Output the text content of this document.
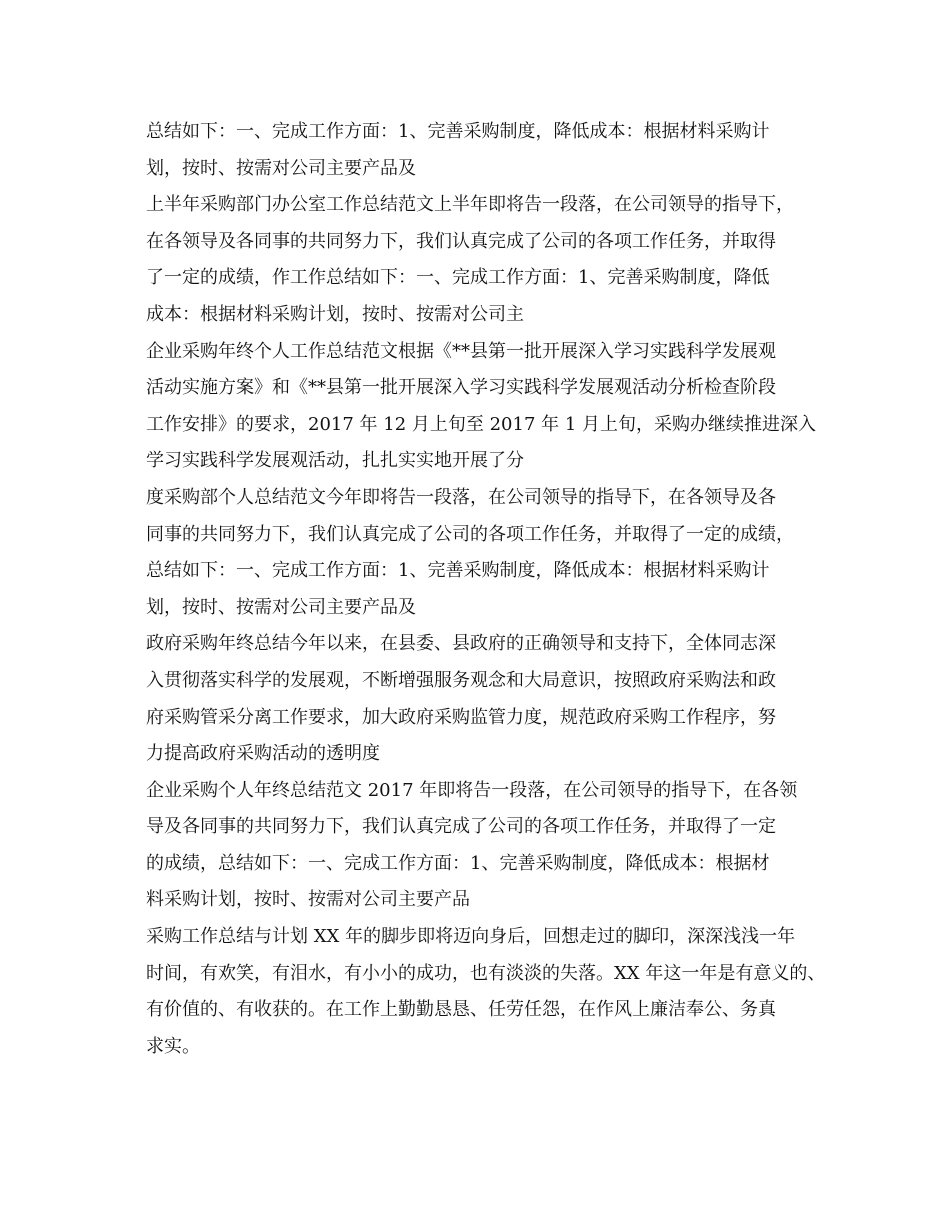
总结如下：一、完成工作方面：1、完善采购制度，降低成本：根据材料采购计
划，按时、按需对公司主要产品及
上半年采购部门办公室工作总结范文上半年即将告一段落，在公司领导的指导下，
在各领导及各同事的共同努力下，我们认真完成了公司的各项工作任务，并取得
了一定的成绩，作工作总结如下：一、完成工作方面：1、完善采购制度，降低
成本：根据材料采购计划，按时、按需对公司主
企业采购年终个人工作总结范文根据《**县第一批开展深入学习实践科学发展观
活动实施方案》和《**县第一批开展深入学习实践科学发展观活动分析检查阶段
工作安排》的要求，2017 年 12 月上旬至 2017 年 1 月上旬，采购办继续推进深入
学习实践科学发展观活动，扎扎实实地开展了分
度采购部个人总结范文今年即将告一段落，在公司领导的指导下，在各领导及各
同事的共同努力下，我们认真完成了公司的各项工作任务，并取得了一定的成绩，
总结如下：一、完成工作方面：1、完善采购制度，降低成本：根据材料采购计
划，按时、按需对公司主要产品及
政府采购年终总结今年以来，在县委、县政府的正确领导和支持下，全体同志深
入贯彻落实科学的发展观，不断增强服务观念和大局意识，按照政府采购法和政
府采购管采分离工作要求，加大政府采购监管力度，规范政府采购工作程序，努
力提高政府采购活动的透明度
企业采购个人年终总结范文 2017 年即将告一段落，在公司领导的指导下，在各领
导及各同事的共同努力下，我们认真完成了公司的各项工作任务，并取得了一定
的成绩，总结如下：一、完成工作方面：1、完善采购制度，降低成本：根据材
料采购计划，按时、按需对公司主要产品
采购工作总结与计划 XX 年的脚步即将迈向身后，回想走过的脚印，深深浅浅一年
时间，有欢笑，有泪水，有小小的成功，也有淡淡的失落。XX 年这一年是有意义的、
有价值的、有收获的。在工作上勤勤恳恳、任劳任怨，在作风上廉洁奉公、务真
求实。
